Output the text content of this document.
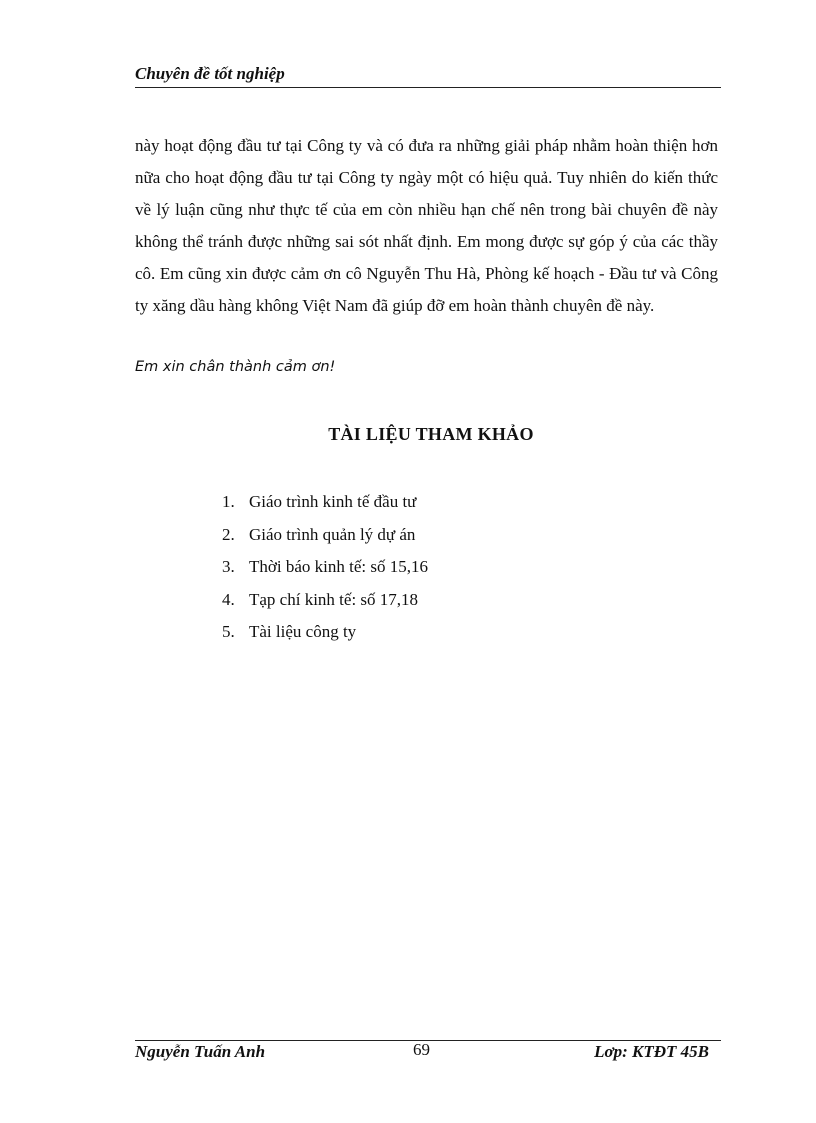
Chuyên đề tốt nghiệp

này hoạt động đầu tư tại Công ty và có đưa ra những giải pháp nhằm hoàn thiện hơn nữa cho hoạt động đầu tư tại Công ty ngày một có hiệu quả. Tuy nhiên do kiến thức về lý luận cũng như thực tế của em còn nhiều hạn chế nên trong bài chuyên đề này không thể tránh được những sai sót nhất định. Em mong được sự góp ý của các thầy cô. Em cũng xin được cảm ơn cô Nguyễn Thu Hà, Phòng kế hoạch - Đầu tư và Công ty xăng dầu hàng không Việt Nam đã giúp đỡ em hoàn thành chuyên đề này.

Em xin chân thành cảm ơn!
TÀI LIỆU THAM KHẢO
1. Giáo trình kinh tế đầu tư
2. Giáo trình quản lý dự án
3. Thời báo kinh tế: số 15,16
4. Tạp chí kinh tế: số 17,18
5. Tài liệu công ty
Nguyễn Tuấn Anh	69	Lơp: KTĐT 45B
